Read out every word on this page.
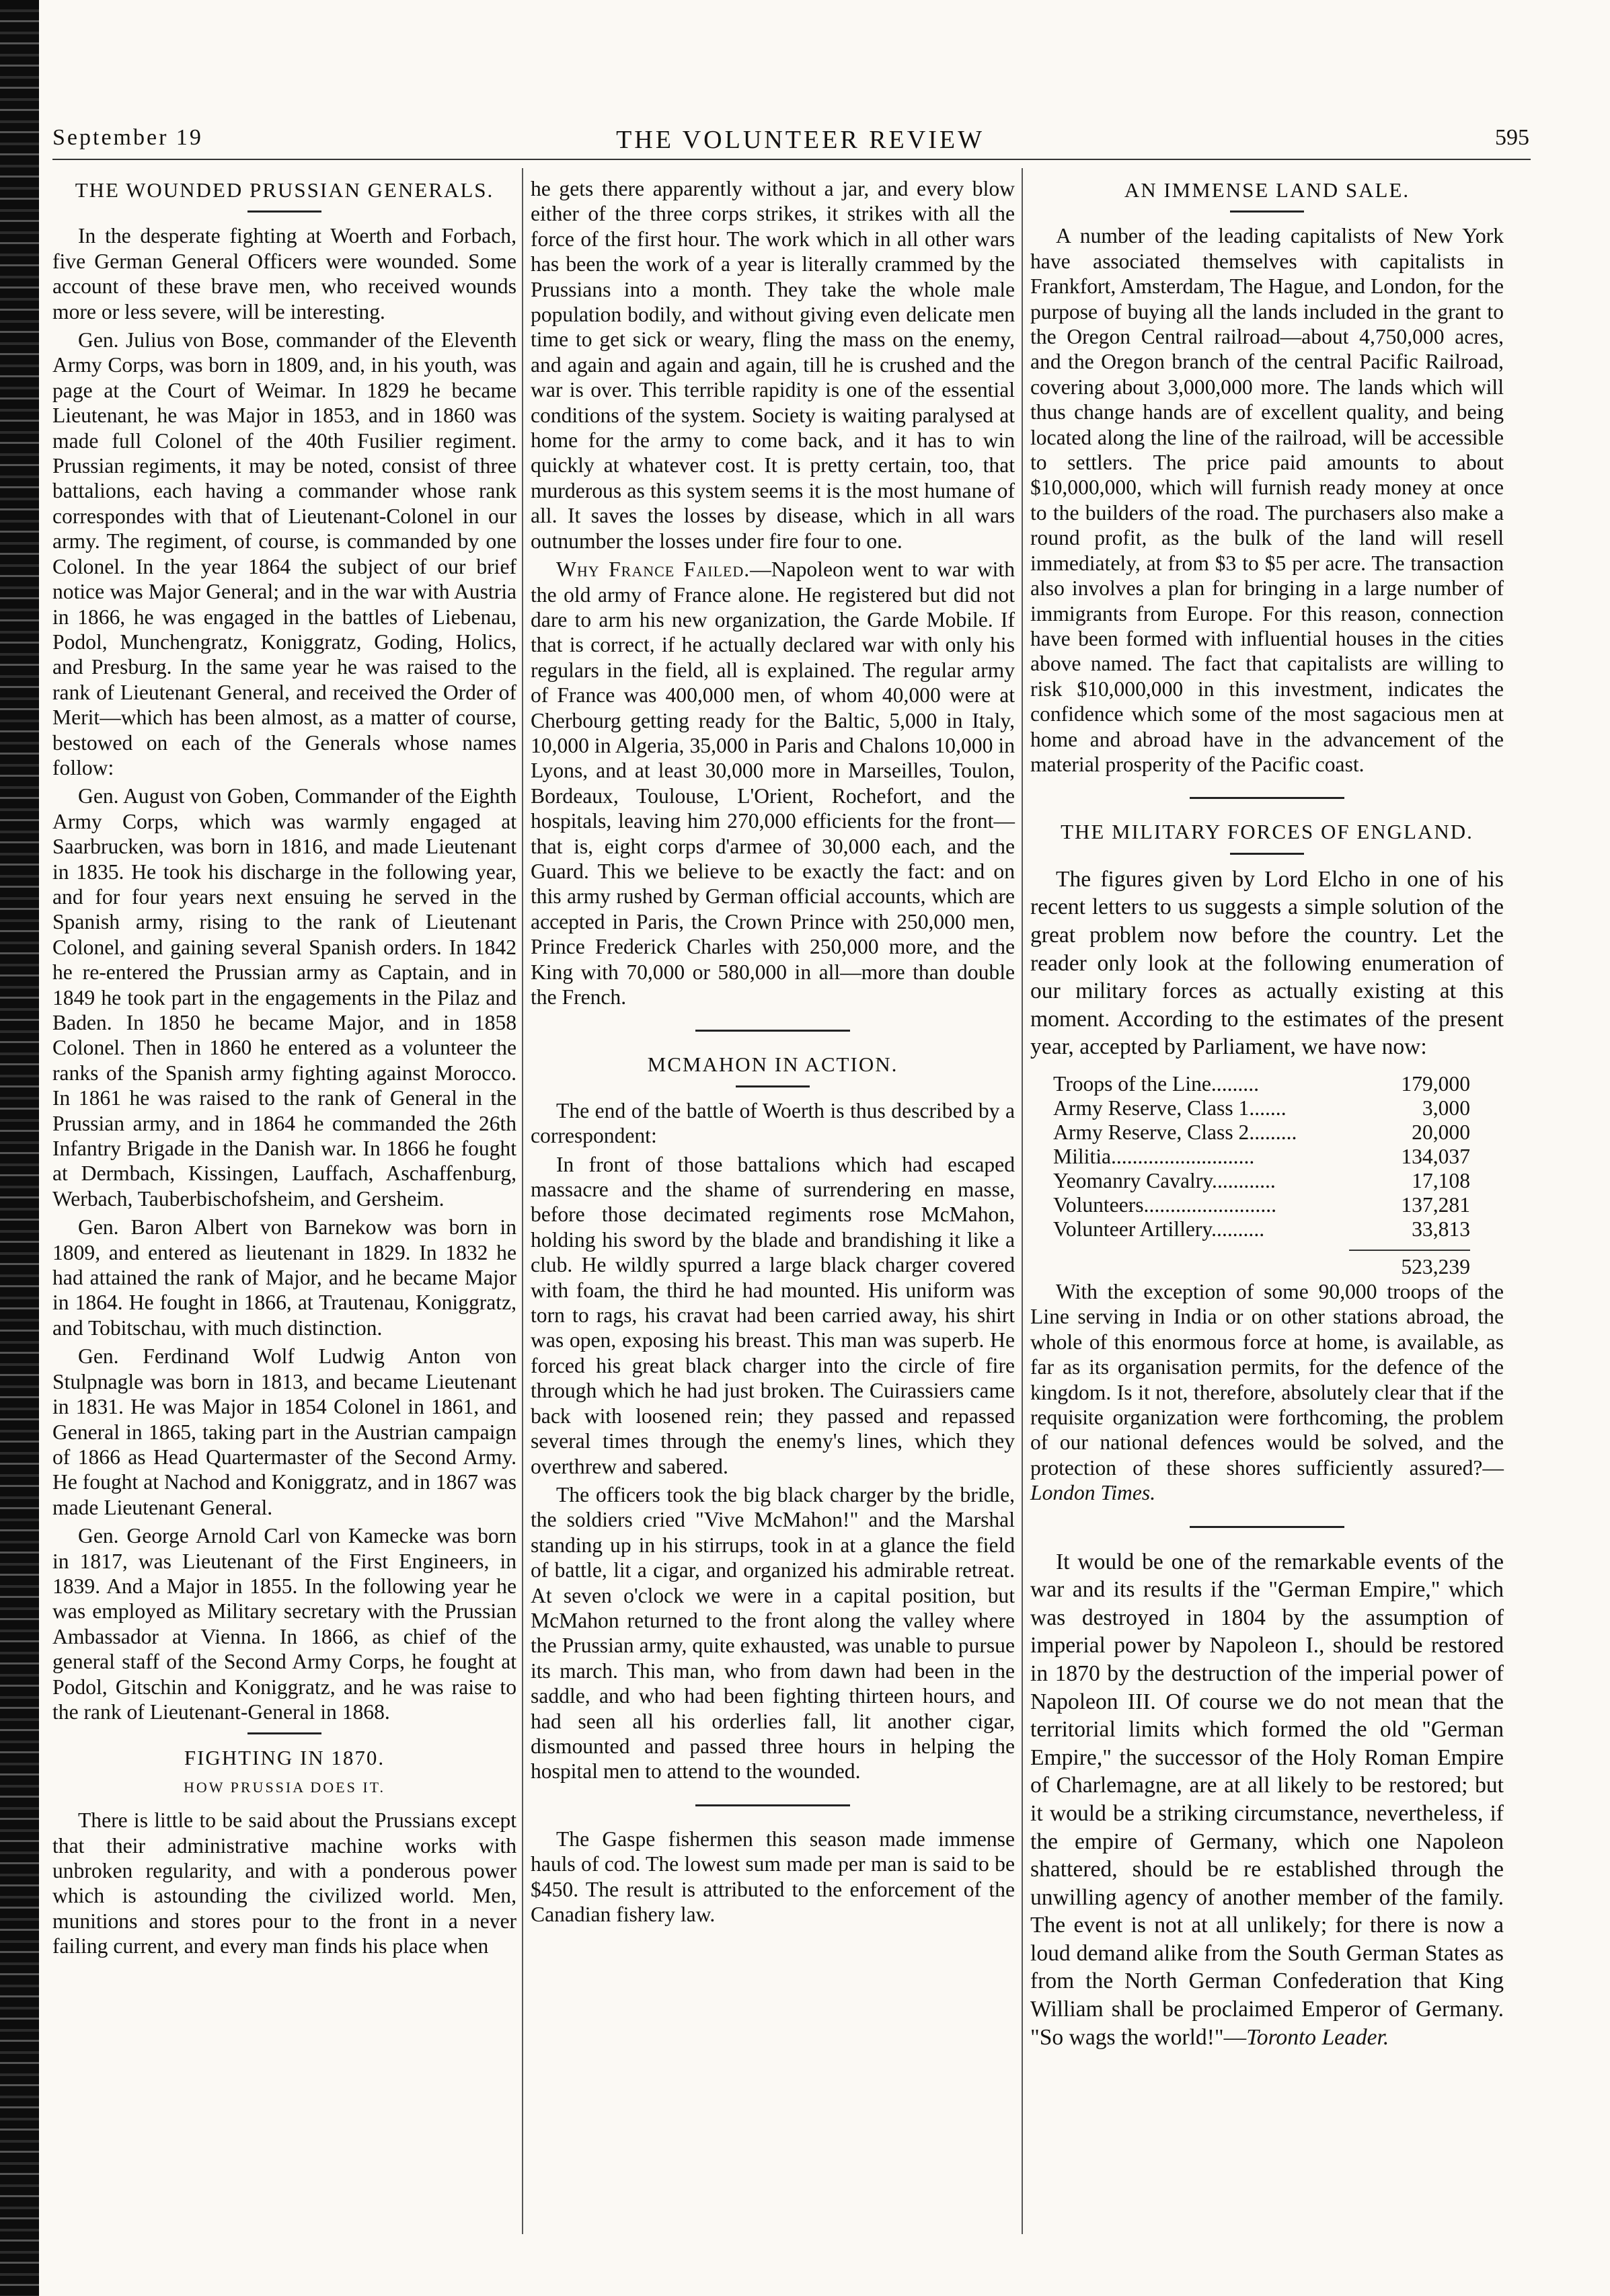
September 19	THE VOLUNTEER REVIEW	595
THE WOUNDED PRUSSIAN GENERALS.

In the desperate fighting at Woerth and Forbach, five German General Officers were wounded. Some account of these brave men, who received wounds more or less severe, will be interesting.

Gen. Julius von Bose, commander of the Eleventh Army Corps, was born in 1809, and, in his youth, was page at the Court of Weimar. In 1829 he became Lieutenant, he was Major in 1853, and in 1860 was made full Colonel of the 40th Fusilier regiment. Prussian regiments, it may be noted, consist of three battalions, each having a commander whose rank correspondes with that of Lieutenant-Colonel in our army. The regiment, of course, is commanded by one Colonel. In the year 1864 the subject of our brief notice was Major General; and in the war with Austria in 1866, he was engaged in the battles of Liebenau, Podol, Munchengratz, Koniggratz, Goding, Holics, and Presburg. In the same year he was raised to the rank of Lieutenant General, and received the Order of Merit—which has been almost, as a matter of course, bestowed on each of the Generals whose names follow:

Gen. August von Goben, Commander of the Eighth Army Corps, which was warmly engaged at Saarbrucken, was born in 1816, and made Lieutenant in 1835. He took his discharge in the following year, and for four years next ensuing he served in the Spanish army, rising to the rank of Lieutenant Colonel, and gaining several Spanish orders. In 1842 he re-entered the Prussian army as Captain, and in 1849 he took part in the engagements in the Pilaz and Baden. In 1850 he became Major, and in 1858 Colonel. Then in 1860 he entered as a volunteer the ranks of the Spanish army fighting against Morocco. In 1861 he was raised to the rank of General in the Prussian army, and in 1864 he commanded the 26th Infantry Brigade in the Danish war. In 1866 he fought at Dermbach, Kissingen, Lauffach, Aschaffenburg, Werbach, Tauberbischofsheim, and Gersheim.

Gen. Baron Albert von Barnekow was born in 1809, and entered as lieutenant in 1829. In 1832 he had attained the rank of Major, and he became Major in 1864. He fought in 1866, at Trautenau, Koniggratz, and Tobitschau, with much distinction.

Gen. Ferdinand Wolf Ludwig Anton von Stulpnagle was born in 1813, and became Lieutenant in 1831. He was Major in 1854 Colonel in 1861, and General in 1865, taking part in the Austrian campaign of 1866 as Head Quartermaster of the Second Army. He fought at Nachod and Koniggratz, and in 1867 was made Lieutenant General.

Gen. George Arnold Carl von Kamecke was born in 1817, was Lieutenant of the First Engineers, in 1839. And a Major in 1855. In the following year he was employed as Military secretary with the Prussian Ambassador at Vienna. In 1866, as chief of the general staff of the Second Army Corps, he fought at Podol, Gitschin and Koniggratz, and he was raise to the rank of Lieutenant-General in 1868.

FIGHTING IN 1870.
HOW PRUSSIA DOES IT.

There is little to be said about the Prussians except that their administrative machine works with unbroken regularity, and with a ponderous power which is astounding the civilized world. Men, munitions and stores pour to the front in a never failing current, and every man finds his place when

he gets there apparently without a jar, and every blow either of the three corps strikes, it strikes with all the force of the first hour. The work which in all other wars has been the work of a year is literally crammed by the Prussians into a month. They take the whole male population bodily, and without giving even delicate men time to get sick or weary, fling the mass on the enemy, and again and again and again, till he is crushed and the war is over. This terrible rapidity is one of the essential conditions of the system. Society is waiting paralysed at home for the army to come back, and it has to win quickly at whatever cost. It is pretty certain, too, that murderous as this system seems it is the most humane of all. It saves the losses by disease, which in all wars outnumber the losses under fire four to one.

Why France Failed.—Napoleon went to war with the old army of France alone. He registered but did not dare to arm his new organization, the Garde Mobile. If that is correct, if he actually declared war with only his regulars in the field, all is explained. The regular army of France was 400,000 men, of whom 40,000 were at Cherbourg getting ready for the Baltic, 5,000 in Italy, 10,000 in Algeria, 35,000 in Paris and Chalons 10,000 in Lyons, and at least 30,000 more in Marseilles, Toulon, Bordeaux, Toulouse, L'Orient, Rochefort, and the hospitals, leaving him 270,000 efficients for the front—that is, eight corps d'armee of 30,000 each, and the Guard. This we believe to be exactly the fact: and on this army rushed by German official accounts, which are accepted in Paris, the Crown Prince with 250,000 men, Prince Frederick Charles with 250,000 more, and the King with 70,000 or 580,000 in all—more than double the French.

MCMAHON IN ACTION.

The end of the battle of Woerth is thus described by a correspondent:

In front of those battalions which had escaped massacre and the shame of surrendering en masse, before those decimated regiments rose McMahon, holding his sword by the blade and brandishing it like a club. He wildly spurred a large black charger covered with foam, the third he had mounted. His uniform was torn to rags, his cravat had been carried away, his shirt was open, exposing his breast. This man was superb. He forced his great black charger into the circle of fire through which he had just broken. The Cuirassiers came back with loosened rein; they passed and repassed several times through the enemy's lines, which they overthrew and sabered.

The officers took the big black charger by the bridle, the soldiers cried "Vive McMahon!" and the Marshal standing up in his stirrups, took in at a glance the field of battle, lit a cigar, and organized his admirable retreat. At seven o'clock we were in a capital position, but McMahon returned to the front along the valley where the Prussian army, quite exhausted, was unable to pursue its march. This man, who from dawn had been in the saddle, and who had been fighting thirteen hours, and had seen all his orderlies fall, lit another cigar, dismounted and passed three hours in helping the hospital men to attend to the wounded.

The Gaspe fishermen this season made immense hauls of cod. The lowest sum made per man is said to be $450. The result is attributed to the enforcement of the Canadian fishery law.

AN IMMENSE LAND SALE.

A number of the leading capitalists of New York have associated themselves with capitalists in Frankfort, Amsterdam, The Hague, and London, for the purpose of buying all the lands included in the grant to the Oregon Central railroad—about 4,750,000 acres, and the Oregon branch of the central Pacific Railroad, covering about 3,000,000 more. The lands which will thus change hands are of excellent quality, and being located along the line of the railroad, will be accessible to settlers. The price paid amounts to about $10,000,000, which will furnish ready money at once to the builders of the road. The purchasers also make a round profit, as the bulk of the land will resell immediately, at from $3 to $5 per acre. The transaction also involves a plan for bringing in a large number of immigrants from Europe. For this reason, connection have been formed with influential houses in the cities above named. The fact that capitalists are willing to risk $10,000,000 in this investment, indicates the confidence which some of the most sagacious men at home and abroad have in the advancement of the material prosperity of the Pacific coast.

THE MILITARY FORCES OF ENGLAND.

The figures given by Lord Elcho in one of his recent letters to us suggests a simple solution of the great problem now before the country. Let the reader only look at the following enumeration of our military forces as actually existing at this moment. According to the estimates of the present year, accepted by Parliament, we have now:

Troops of the Line.........	179,000
Army Reserve, Class 1.......	3,000
Army Reserve, Class 2.........	20,000
Militia...........................	134,037
Yeomanry Cavalry............	17,108
Volunteers.........................	137,281
Volunteer Artillery..........	33,813
523,239

With the exception of some 90,000 troops of the Line serving in India or on other stations abroad, the whole of this enormous force at home, is available, as far as its organisation permits, for the defence of the kingdom. Is it not, therefore, absolutely clear that if the requisite organization were forthcoming, the problem of our national defences would be solved, and the protection of these shores sufficiently assured?—London Times.

It would be one of the remarkable events of the war and its results if the "German Empire," which was destroyed in 1804 by the assumption of imperial power by Napoleon I., should be restored in 1870 by the destruction of the imperial power of Napoleon III. Of course we do not mean that the territorial limits which formed the old "German Empire," the successor of the Holy Roman Empire of Charlemagne, are at all likely to be restored; but it would be a striking circumstance, nevertheless, if the empire of Germany, which one Napoleon shattered, should be re established through the unwilling agency of another member of the family. The event is not at all unlikely; for there is now a loud demand alike from the South German States as from the North German Confederation that King William shall be proclaimed Emperor of Germany. "So wags the world!"—Toronto Leader.
